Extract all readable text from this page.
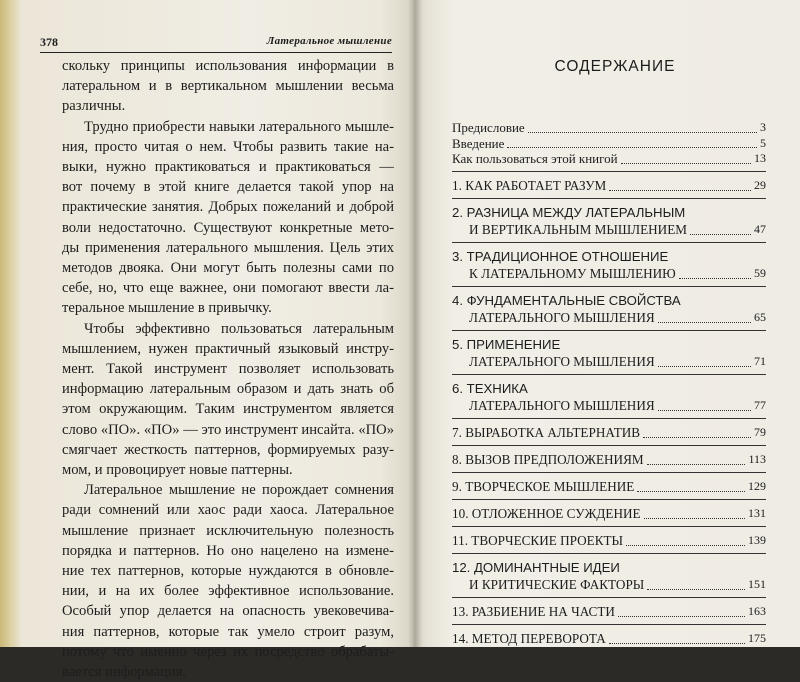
378	Латеральное мышление
скольку принципы использования информации в
латеральном и в вертикальном мышлении весьма
различны.
Трудно приобрести навыки латерального мышле-
ния, просто читая о нем. Чтобы развить такие на-
выки, нужно практиковаться и практиковаться —
вот почему в этой книге делается такой упор на
практические занятия. Добрых пожеланий и доброй
воли недостаточно. Существуют конкретные мето-
ды применения латерального мышления. Цель этих
методов двояка. Они могут быть полезны сами по
себе, но, что еще важнее, они помогают ввести ла-
теральное мышление в привычку.
Чтобы эффективно пользоваться латеральным
мышлением, нужен практичный языковый инстру-
мент. Такой инструмент позволяет использовать
информацию латеральным образом и дать знать об
этом окружающим. Таким инструментом является
слово «ПО». «ПО» — это инструмент инсайта. «ПО»
смягчает жесткость паттернов, формируемых разу-
мом, и провоцирует новые паттерны.
Латеральное мышление не порождает сомнения
ради сомнений или хаос ради хаоса. Латеральное
мышление признает исключительную полезность
порядка и паттернов. Но оно нацелено на измене-
ние тех паттернов, которые нуждаются в обновле-
нии, и на их более эффективное использование.
Особый упор делается на опасность увековечива-
ния паттернов, которые так умело строит разум,
потому что именно через их посредство обрабаты-
вается информация.
СОДЕРЖАНИЕ
Предисловие	3
Введение	5
Как пользоваться этой книгой	13
1. КАК РАБОТАЕТ РАЗУМ	29
2. РАЗНИЦА МЕЖДУ ЛАТЕРАЛЬНЫМ
И ВЕРТИКАЛЬНЫМ МЫШЛЕНИЕМ	47
3. ТРАДИЦИОННОЕ ОТНОШЕНИЕ
К ЛАТЕРАЛЬНОМУ МЫШЛЕНИЮ	59
4. ФУНДАМЕНТАЛЬНЫЕ СВОЙСТВА
ЛАТЕРАЛЬНОГО МЫШЛЕНИЯ	65
5. ПРИМЕНЕНИЕ
ЛАТЕРАЛЬНОГО МЫШЛЕНИЯ	71
6. ТЕХНИКА
ЛАТЕРАЛЬНОГО МЫШЛЕНИЯ	77
7. ВЫРАБОТКА АЛЬТЕРНАТИВ	79
8. ВЫЗОВ ПРЕДПОЛОЖЕНИЯМ	113
9. ТВОРЧЕСКОЕ МЫШЛЕНИЕ	129
10. ОТЛОЖЕННОЕ СУЖДЕНИЕ	131
11. ТВОРЧЕСКИЕ ПРОЕКТЫ	139
12. ДОМИНАНТНЫЕ ИДЕИ
И КРИТИЧЕСКИЕ ФАКТОРЫ	151
13. РАЗБИЕНИЕ НА ЧАСТИ	163
14. МЕТОД ПЕРЕВОРОТА	175
